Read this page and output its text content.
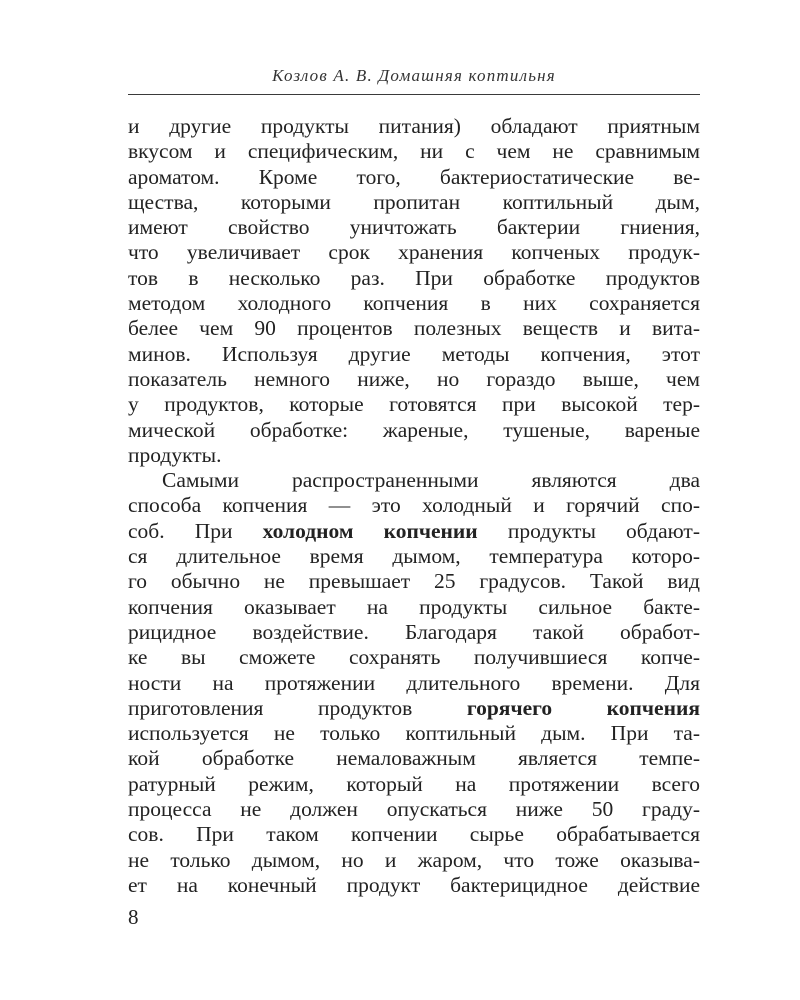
Козлов А. В. Домашняя коптильня

и другие продукты питания) обладают приятным
вкусом и специфическим, ни с чем не сравнимым
ароматом. Кроме того, бактериостатические ве-
щества, которыми пропитан коптильный дым,
имеют свойство уничтожать бактерии гниения,
что увеличивает срок хранения копченых продук-
тов в несколько раз. При обработке продуктов
методом холодного копчения в них сохраняется
белее чем 90 процентов полезных веществ и вита-
минов. Используя другие методы копчения, этот
показатель немного ниже, но гораздо выше, чем
у продуктов, которые готовятся при высокой тер-
мической обработке: жареные, тушеные, вареные
продукты.

Самыми распространенными являются два
способа копчения — это холодный и горячий спо-
соб. При холодном копчении продукты обдают-
ся длительное время дымом, температура которо-
го обычно не превышает 25 градусов. Такой вид
копчения оказывает на продукты сильное бакте-
рицидное воздействие. Благодаря такой обработ-
ке вы сможете сохранять получившиеся копче-
ности на протяжении длительного времени. Для
приготовления продуктов горячего копчения
используется не только коптильный дым. При та-
кой обработке немаловажным является темпе-
ратурный режим, который на протяжении всего
процесса не должен опускаться ниже 50 граду-
сов. При таком копчении сырье обрабатывается
не только дымом, но и жаром, что тоже оказыва-
ет на конечный продукт бактерицидное действие

8
